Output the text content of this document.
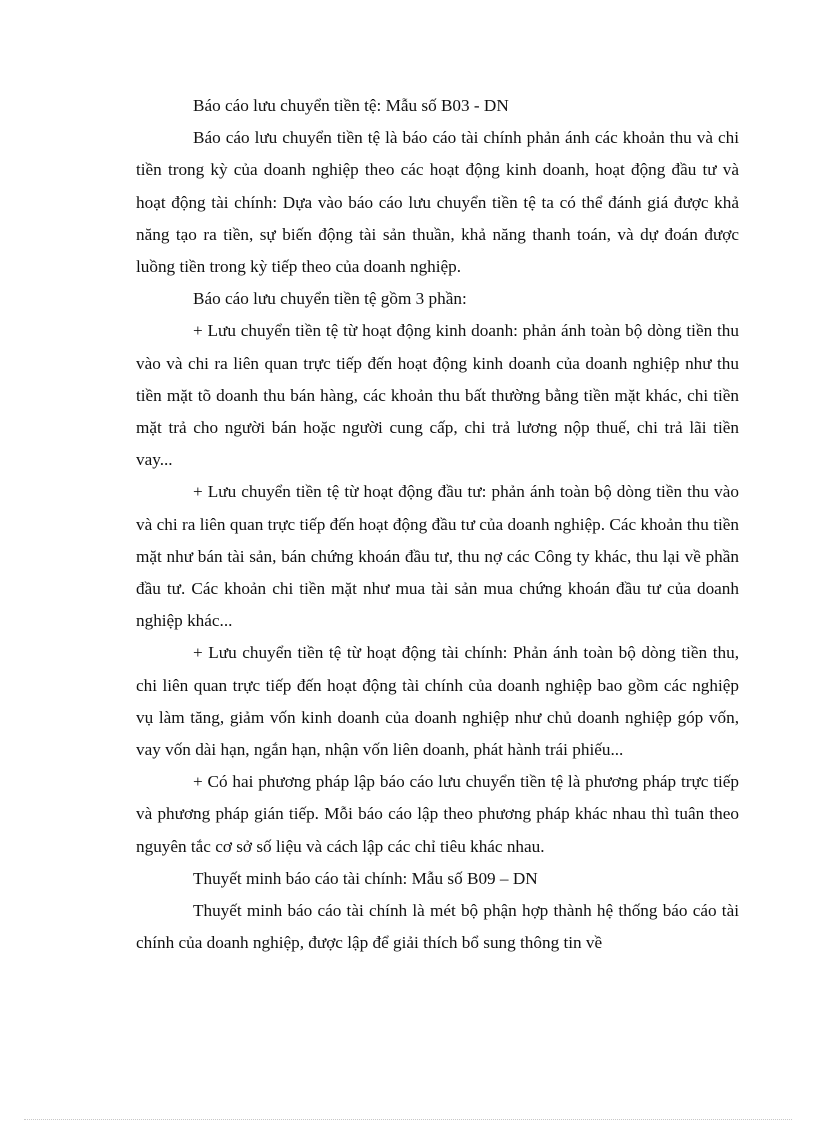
Báo cáo lưu chuyển tiền tệ: Mẫu số B03 - DN

Báo cáo lưu chuyển tiền tệ là báo cáo tài chính phản ánh các khoản thu và chi tiền trong kỳ của doanh nghiệp theo các hoạt động kinh doanh, hoạt động đầu tư và hoạt động tài chính: Dựa vào báo cáo lưu chuyển tiền tệ ta có thể đánh giá được khả năng tạo ra tiền, sự biến động tài sản thuần, khả năng thanh toán, và dự đoán được luồng tiền trong kỳ tiếp theo của doanh nghiệp.

Báo cáo lưu chuyển tiền tệ gồm 3 phần:

+ Lưu chuyển tiền tệ từ hoạt động kinh doanh: phản ánh toàn bộ dòng tiền thu vào và chi ra liên quan trực tiếp đến hoạt động kinh doanh của doanh nghiệp như thu tiền mặt tõ doanh thu bán hàng, các khoản thu bất thường bằng tiền mặt khác, chi tiền mặt trả cho người bán hoặc người cung cấp, chi trả lương nộp thuế, chi trả lãi tiền vay...

+ Lưu chuyển tiền tệ từ hoạt động đầu tư: phản ánh toàn bộ dòng tiền thu vào và chi ra liên quan trực tiếp đến hoạt động đầu tư của doanh nghiệp. Các khoản thu tiền mặt như bán tài sản, bán chứng khoán đầu tư, thu nợ các Công ty khác, thu lại về phần đầu tư. Các khoản chi tiền mặt như mua tài sản mua chứng khoán đầu tư của doanh nghiệp khác...

+ Lưu chuyển tiền tệ từ hoạt động tài chính: Phản ánh toàn bộ dòng tiền thu, chi liên quan trực tiếp đến hoạt động tài chính của doanh nghiệp bao gồm các nghiệp vụ làm tăng, giảm vốn kinh doanh của doanh nghiệp như chủ doanh nghiệp góp vốn, vay vốn dài hạn, ngắn hạn, nhận vốn liên doanh, phát hành trái phiếu...

+ Có hai phương pháp lập báo cáo lưu chuyển tiền tệ là phương pháp trực tiếp và phương pháp gián tiếp. Mỗi báo cáo lập theo phương pháp khác nhau thì tuân theo nguyên tắc cơ sở số liệu và cách lập các chỉ tiêu khác nhau.

Thuyết minh báo cáo tài chính: Mẫu số B09 – DN

Thuyết minh báo cáo tài chính là mét bộ phận hợp thành hệ thống báo cáo tài chính của doanh nghiệp, được lập để giải thích bổ sung thông tin về
